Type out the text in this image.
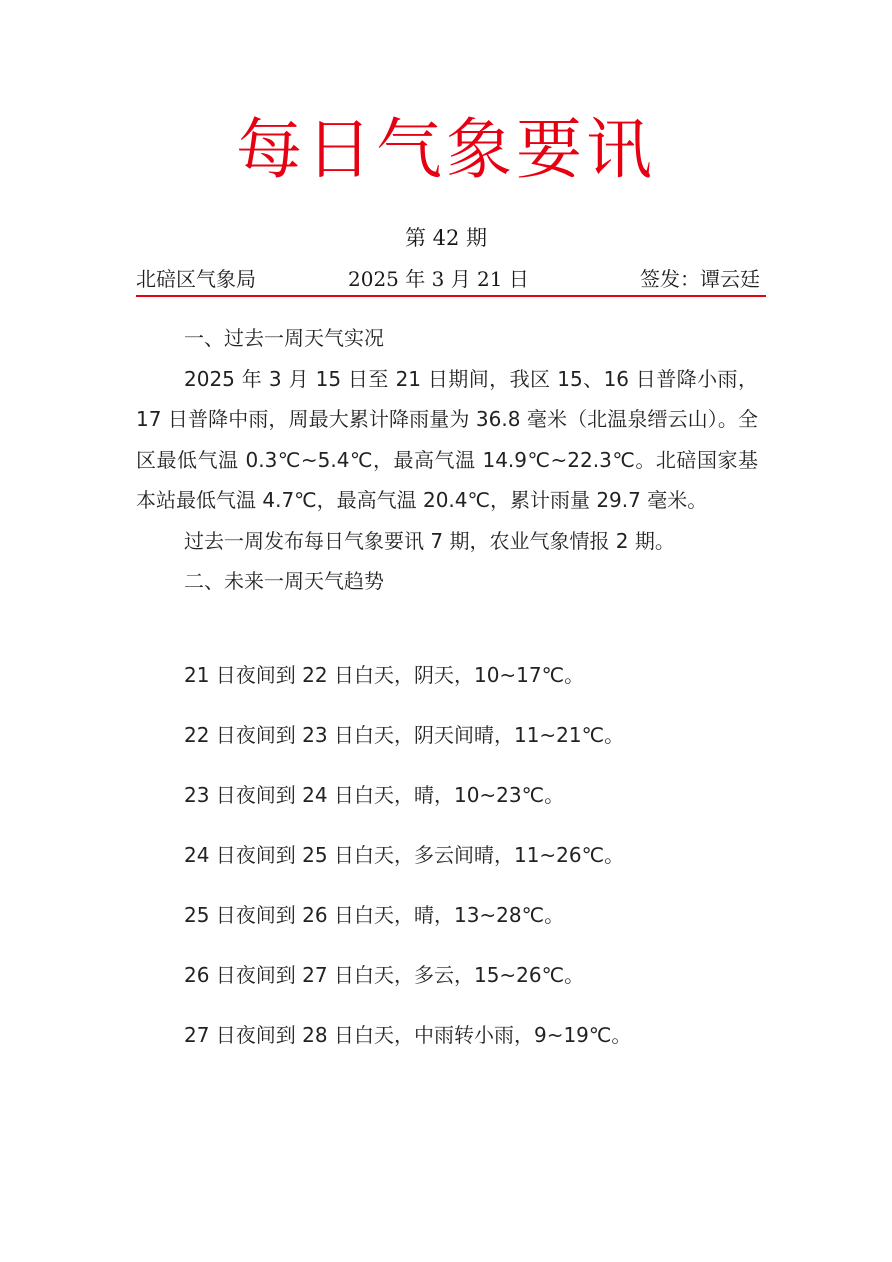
每日气象要讯
第 42 期
北碚区气象局	2025 年 3 月 21 日	签发：谭云廷

一、过去一周天气实况

2025 年 3 月 15 日至 21 日期间，我区 15、16 日普降小雨，17 日普降中雨，周最大累计降雨量为 36.8 毫米（北温泉缙云山）。全区最低气温 0.3℃~5.4℃，最高气温 14.9℃~22.3℃。北碚国家基本站最低气温 4.7℃，最高气温 20.4℃，累计雨量 29.7 毫米。

过去一周发布每日气象要讯 7 期，农业气象情报 2 期。

二、未来一周天气趋势

21 日夜间到 22 日白天，阴天，10~17℃。
22 日夜间到 23 日白天，阴天间晴，11~21℃。
23 日夜间到 24 日白天，晴，10~23℃。
24 日夜间到 25 日白天，多云间晴，11~26℃。
25 日夜间到 26 日白天，晴，13~28℃。
26 日夜间到 27 日白天，多云，15~26℃。
27 日夜间到 28 日白天，中雨转小雨，9~19℃。
